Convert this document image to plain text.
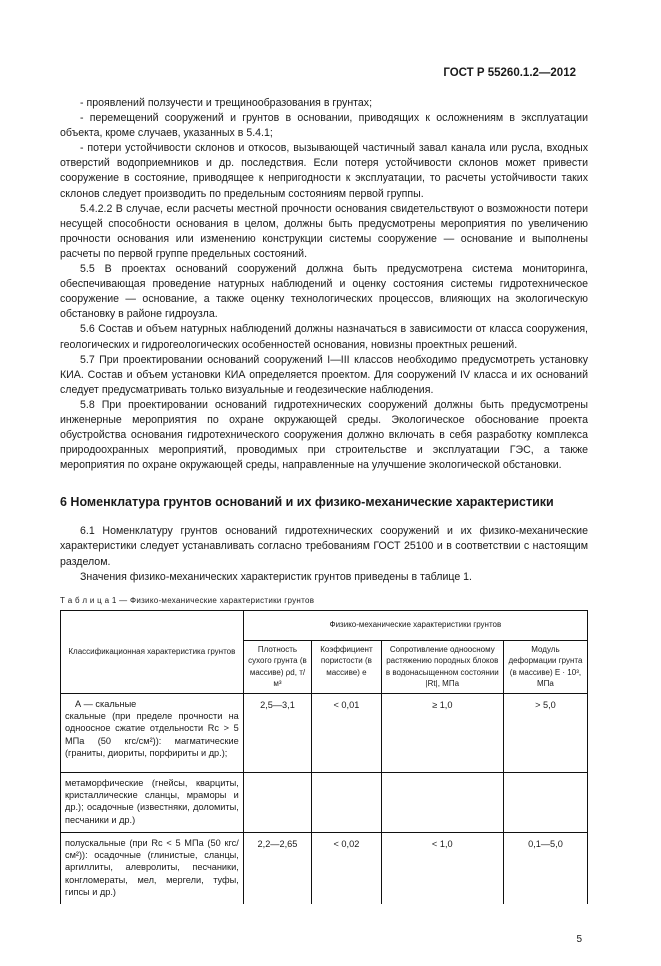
ГОСТ Р 55260.1.2—2012

- проявлений ползучести и трещинообразования в грунтах;

- перемещений сооружений и грунтов в основании, приводящих к осложнениям в эксплуатации объекта, кроме случаев, указанных в 5.4.1;

- потери устойчивости склонов и откосов, вызывающей частичный завал канала или русла, входных отверстий водоприемников и др. последствия. Если потеря устойчивости склонов может привести сооружение в состояние, приводящее к непригодности к эксплуатации, то расчеты устойчивости таких склонов следует производить по предельным состояниям первой группы.

5.4.2.2 В случае, если расчеты местной прочности основания свидетельствуют о возможности потери несущей способности основания в целом, должны быть предусмотрены мероприятия по увеличению прочности основания или изменению конструкции системы сооружение — основание и выполнены расчеты по первой группе предельных состояний.

5.5 В проектах оснований сооружений должна быть предусмотрена система мониторинга, обеспечивающая проведение натурных наблюдений и оценку состояния системы гидротехническое сооружение — основание, а также оценку технологических процессов, влияющих на экологическую обстановку в районе гидроузла.

5.6 Состав и объем натурных наблюдений должны назначаться в зависимости от класса сооружения, геологических и гидрогеологических особенностей основания, новизны проектных решений.

5.7 При проектировании оснований сооружений I—III классов необходимо предусмотреть установку КИА. Состав и объем установки КИА определяется проектом. Для сооружений IV класса и их оснований следует предусматривать только визуальные и геодезические наблюдения.

5.8 При проектировании оснований гидротехнических сооружений должны быть предусмотрены инженерные мероприятия по охране окружающей среды. Экологическое обоснование проекта обустройства основания гидротехнического сооружения должно включать в себя разработку комплекса природоохранных мероприятий, проводимых при строительстве и эксплуатации ГЭС, а также мероприятия по охране окружающей среды, направленные на улучшение экологической обстановки.

6 Номенклатура грунтов оснований и их физико-механические характеристики

6.1 Номенклатуру грунтов оснований гидротехнических сооружений и их физико-механические характеристики следует устанавливать согласно требованиям ГОСТ 25100 и в соответствии с настоящим разделом.

Значения физико-механических характеристик грунтов приведены в таблице 1.

Т а б л и ц а 1 — Физико-механические характеристики грунтов
Классификационная характеристика грунтов	Физико-механические характеристики грунтов			
	Плотность сухого грунта (в массиве) ρd, т/м³	Коэффициент пористости (в массиве) e	Сопротивление одноосному растяжению породных блоков в водонасыщенном состоянии |Rt|, МПа	Модуль деформации грунта (в массиве) E · 10³, МПа

А — скальные
скальные (при пределе прочности на одноосное сжатие отдельности Rc > 5 МПа (50 кгс/см²)): магматические (граниты, диориты, порфириты и др.);	2,5—3,1	< 0,01	≥ 1,0	> 5,0
метаморфические (гнейсы, кварциты, кристаллические сланцы, мраморы и др.); осадочные (известняки, доломиты, песчаники и др.)				
полускальные (при Rc < 5 МПа (50 кгс/см²)): осадочные (глинистые, сланцы, аргиллиты, алевролиты, песчаники, конгломераты, мел, мергели, туфы, гипсы и др.)	2,2—2,65	< 0,02	< 1,0	0,1—5,0
5
